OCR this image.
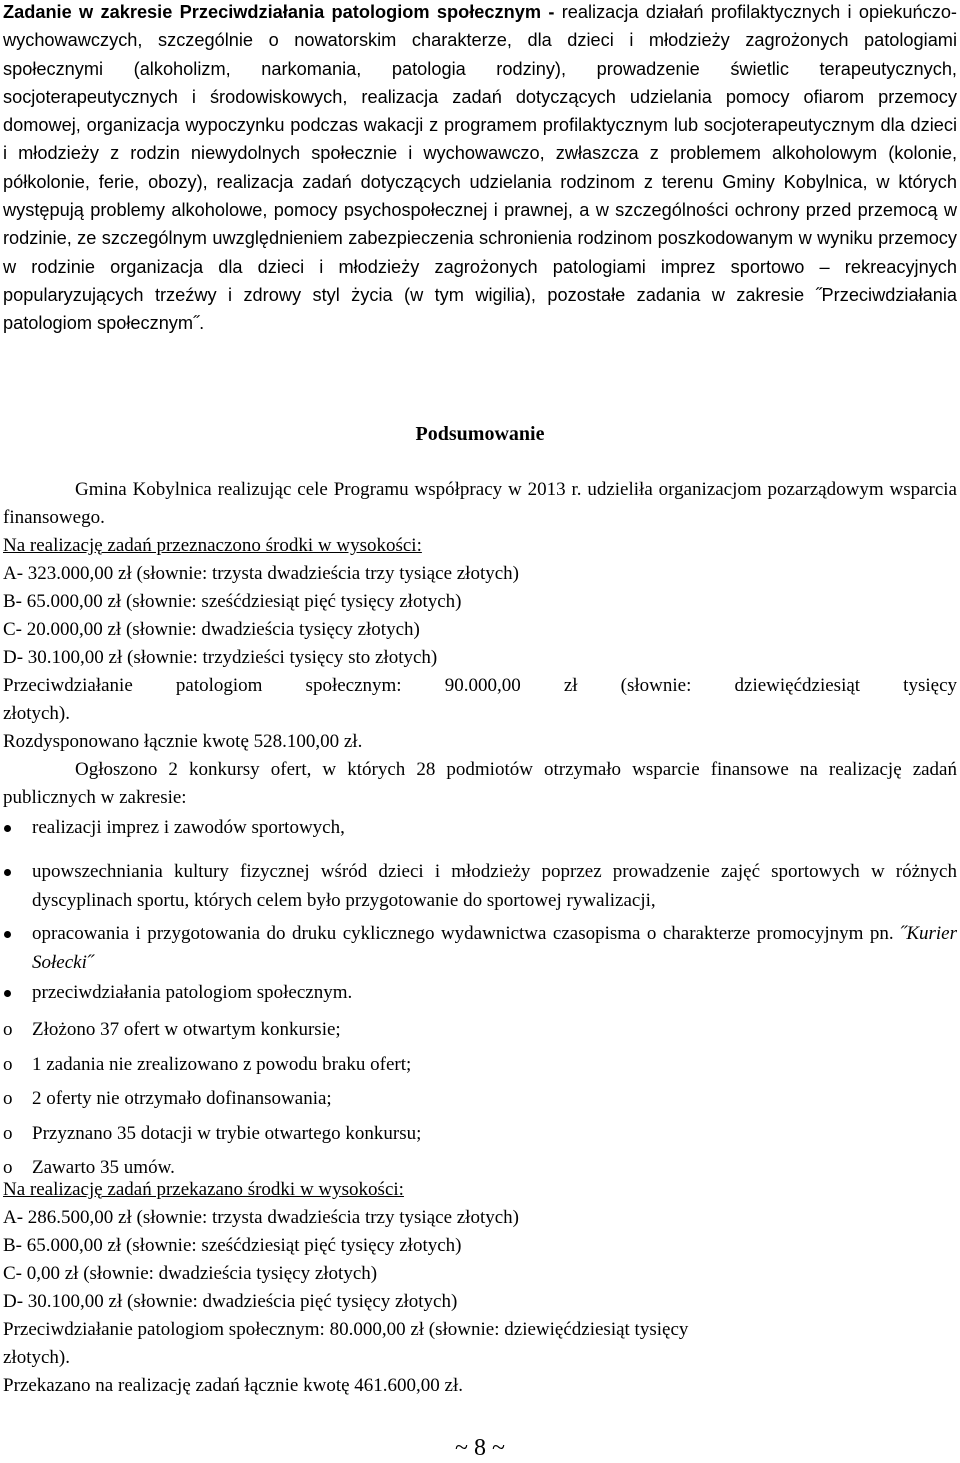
Zadanie w zakresie Przeciwdziałania patologiom społecznym - realizacja działań profilaktycznych i opiekuńczo-wychowawczych, szczególnie o nowatorskim charakterze, dla dzieci i młodzieży zagrożonych patologiami społecznymi (alkoholizm, narkomania, patologia rodziny), prowadzenie świetlic terapeutycznych, socjoterapeutycznych i środowiskowych, realizacja zadań dotyczących udzielania pomocy ofiarom przemocy domowej, organizacja wypoczynku podczas wakacji z programem profilaktycznym lub socjoterapeutycznym dla dzieci i młodzieży z rodzin niewydolnych społecznie i wychowawczo, zwłaszcza z problemem alkoholowym (kolonie, półkolonie, ferie, obozy), realizacja zadań dotyczących udzielania rodzinom z terenu Gminy Kobylnica, w których występują problemy alkoholowe, pomocy psychospołecznej i prawnej, a w szczególności ochrony przed przemocą w rodzinie, ze szczególnym uwzględnieniem zabezpieczenia schronienia rodzinom poszkodowanym w wyniku przemocy w rodzinie organizacja dla dzieci i młodzieży zagrożonych patologiami imprez sportowo – rekreacyjnych popularyzujących trzeźwy i zdrowy styl życia (w tym wigilia), pozostałe zadania w zakresie ˝Przeciwdziałania patologiom społecznym˝.

Podsumowanie

Gmina Kobylnica realizując cele Programu współpracy w 2013 r. udzieliła organizacjom pozarządowym wsparcia finansowego.

Na realizację zadań przeznaczono środki w wysokości:

A- 323.000,00 zł (słownie: trzysta dwadzieścia trzy tysiące złotych)

B- 65.000,00 zł (słownie: sześćdziesiąt pięć tysięcy złotych)

C- 20.000,00 zł (słownie: dwadzieścia tysięcy złotych)

D- 30.100,00 zł (słownie: trzydzieści tysięcy sto złotych)

Przeciwdziałanie patologiom społecznym: 90.000,00 zł (słownie: dziewięćdziesiąt tysięcy

złotych).

Rozdysponowano łącznie kwotę 528.100,00 zł.

Ogłoszono 2 konkursy ofert, w których 28 podmiotów otrzymało wsparcie finansowe na realizację zadań publicznych w zakresie:

realizacji imprez i zawodów sportowych,
upowszechniania kultury fizycznej wśród dzieci i młodzieży poprzez prowadzenie zajęć sportowych w różnych dyscyplinach sportu, których celem było przygotowanie do sportowej rywalizacji,
opracowania i przygotowania do druku cyklicznego wydawnictwa czasopisma o charakterze promocyjnym pn. ˝Kurier Sołecki˝
przeciwdziałania patologiom społecznym.
o Złożono 37 ofert w otwartym konkursie;
o 1 zadania nie zrealizowano z powodu braku ofert;
o 2 oferty nie otrzymało dofinansowania;
o Przyznano 35 dotacji w trybie otwartego konkursu;
o Zawarto 35 umów.

Na realizację zadań przekazano środki w wysokości:

A- 286.500,00 zł (słownie: trzysta dwadzieścia trzy tysiące złotych)

B- 65.000,00 zł (słownie: sześćdziesiąt pięć tysięcy złotych)

C- 0,00 zł (słownie: dwadzieścia tysięcy złotych)

D- 30.100,00 zł (słownie: dwadzieścia pięć tysięcy złotych)

Przeciwdziałanie patologiom społecznym: 80.000,00 zł (słownie: dziewięćdziesiąt tysięcy

złotych).

Przekazano na realizację zadań łącznie kwotę 461.600,00 zł.

~ 8 ~
